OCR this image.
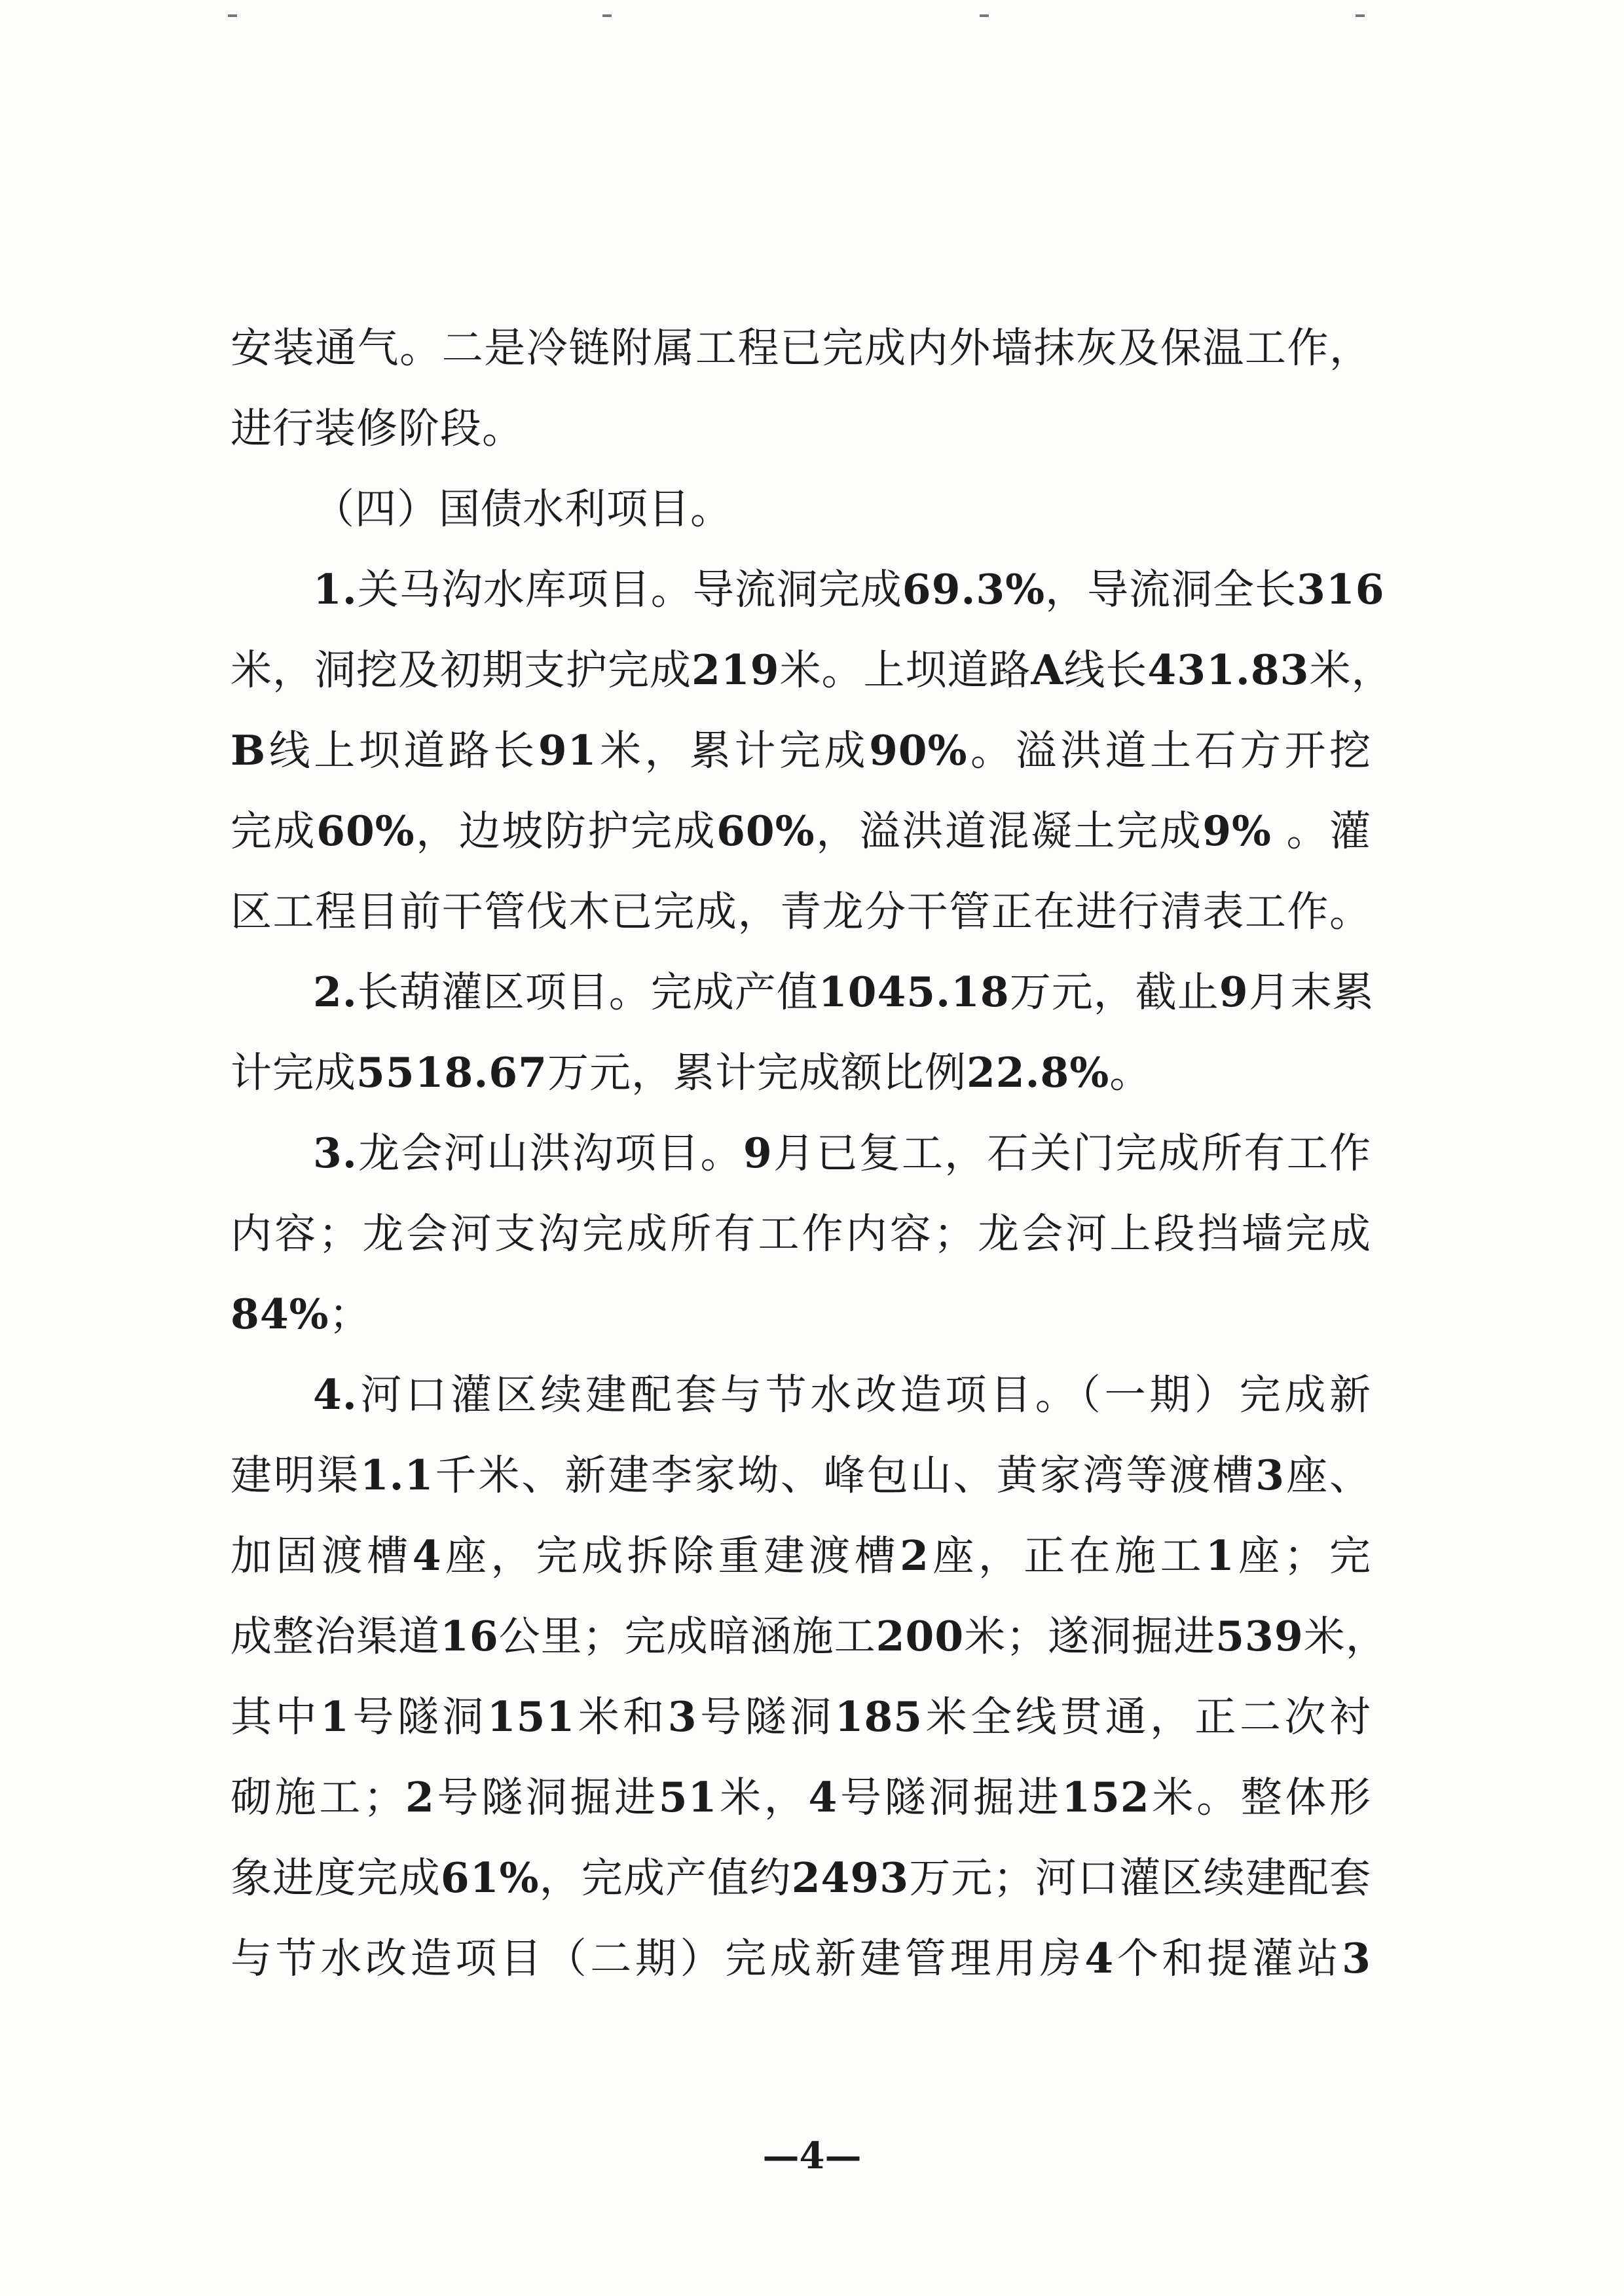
安装通气。二是冷链附属工程已完成内外墙抹灰及保温工作，
进行装修阶段。
（四）国债水利项目。
1.关马沟水库项目。导流洞完成69.3%，导流洞全长316
米，洞挖及初期支护完成219米。上坝道路A线长431.83米，
B线上坝道路长91米，累计完成90%。溢洪道土石方开挖
完成60%，边坡防护完成60%，溢洪道混凝土完成9% 。灌
区工程目前干管伐木已完成，青龙分干管正在进行清表工作。
2.长葫灌区项目。完成产值1045.18万元，截止9月末累
计完成5518.67万元，累计完成额比例22.8%。
3.龙会河山洪沟项目。9月已复工，石关门完成所有工作
内容；龙会河支沟完成所有工作内容；龙会河上段挡墙完成
84%；
4.河口灌区续建配套与节水改造项目。（一期）完成新
建明渠1.1千米、新建李家坳、峰包山、黄家湾等渡槽3座、
加固渡槽4座，完成拆除重建渡槽2座，正在施工1座；完
成整治渠道16公里；完成暗涵施工200米；遂洞掘进539米，
其中1号隧洞151米和3号隧洞185米全线贯通，正二次衬
砌施工；2号隧洞掘进51米，4号隧洞掘进152米。整体形
象进度完成61%，完成产值约2493万元；河口灌区续建配套
与节水改造项目（二期）完成新建管理用房4个和提灌站3
—4—
